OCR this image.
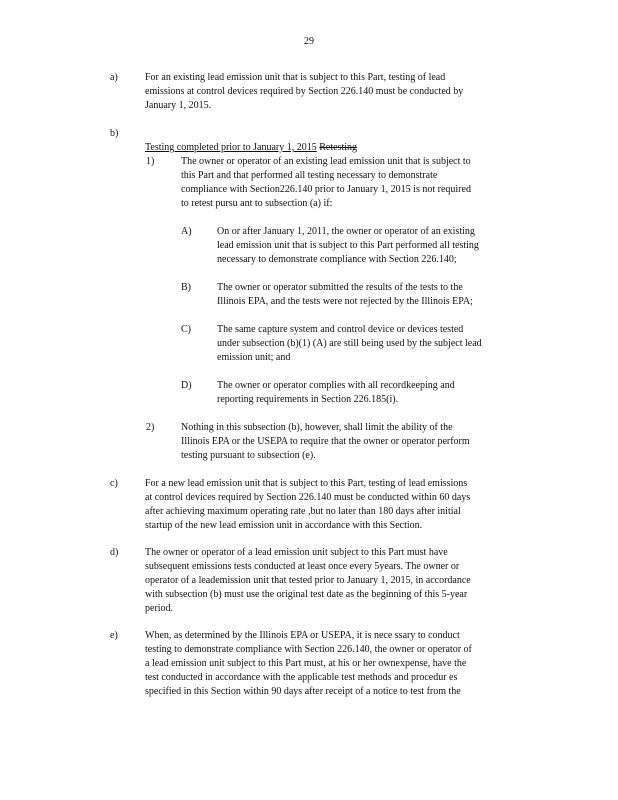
29
a)	For an existing lead emission unit that is subject to this Part, testing of lead
emissions at control devices required by Section 226.140 must be conducted by
January 1, 2015.
b)

Testing completed prior to January 1, 2015 Retesting

1)	The owner or operator of an existing lead emission unit that is subject to
this Part and that performed all testing necessary to demonstrate
compliance with Section226.140 prior to January 1, 2015 is not required
to retest pursu ant to subsection (a) if:
A)	On or after January 1, 2011, the owner or operator of an existing
lead emission unit that is subject to this Part performed all testing
necessary to demonstrate compliance with Section 226.140;
B)	The owner or operator submitted the results of the tests to the
Illinois EPA, and the tests were not rejected by the Illinois EPA;
C)	The same capture system and control device or devices tested
under subsection (b)(1) (A) are still being used by the subject lead
emission unit; and
D)	The owner or operator complies with all recordkeeping and
reporting requirements in Section 226.185(i).
2)	Nothing in this subsection (b), however, shall limit the ability of the
Illinois EPA or the USEPA to require that the owner or operator perform
testing pursuant to subsection (e).
c)	For a new lead emission unit that is subject to this Part, testing of lead emissions
at control devices required by Section 226.140 must be conducted within 60 days
after achieving maximum operating rate ,but no later than 180 days after initial
startup of the new lead emission unit in accordance with this Section.
d)	The owner or operator of a lead emission unit subject to this Part must have
subsequent emissions tests conducted at least once every 5years. The owner or
operator of a leademission unit that tested prior to January 1, 2015, in accordance
with subsection (b) must use the original test date as the beginning of this 5-year
period.
e)	When, as determined by the Illinois EPA or USEPA, it is nece ssary to conduct
testing to demonstrate compliance with Section 226.140, the owner or operator of
a lead emission unit subject to this Part must, at his or her ownexpense, have the
test conducted in accordance with the applicable test methods and procedur es
specified in this Section within 90 days after receipt of a notice to test from the
